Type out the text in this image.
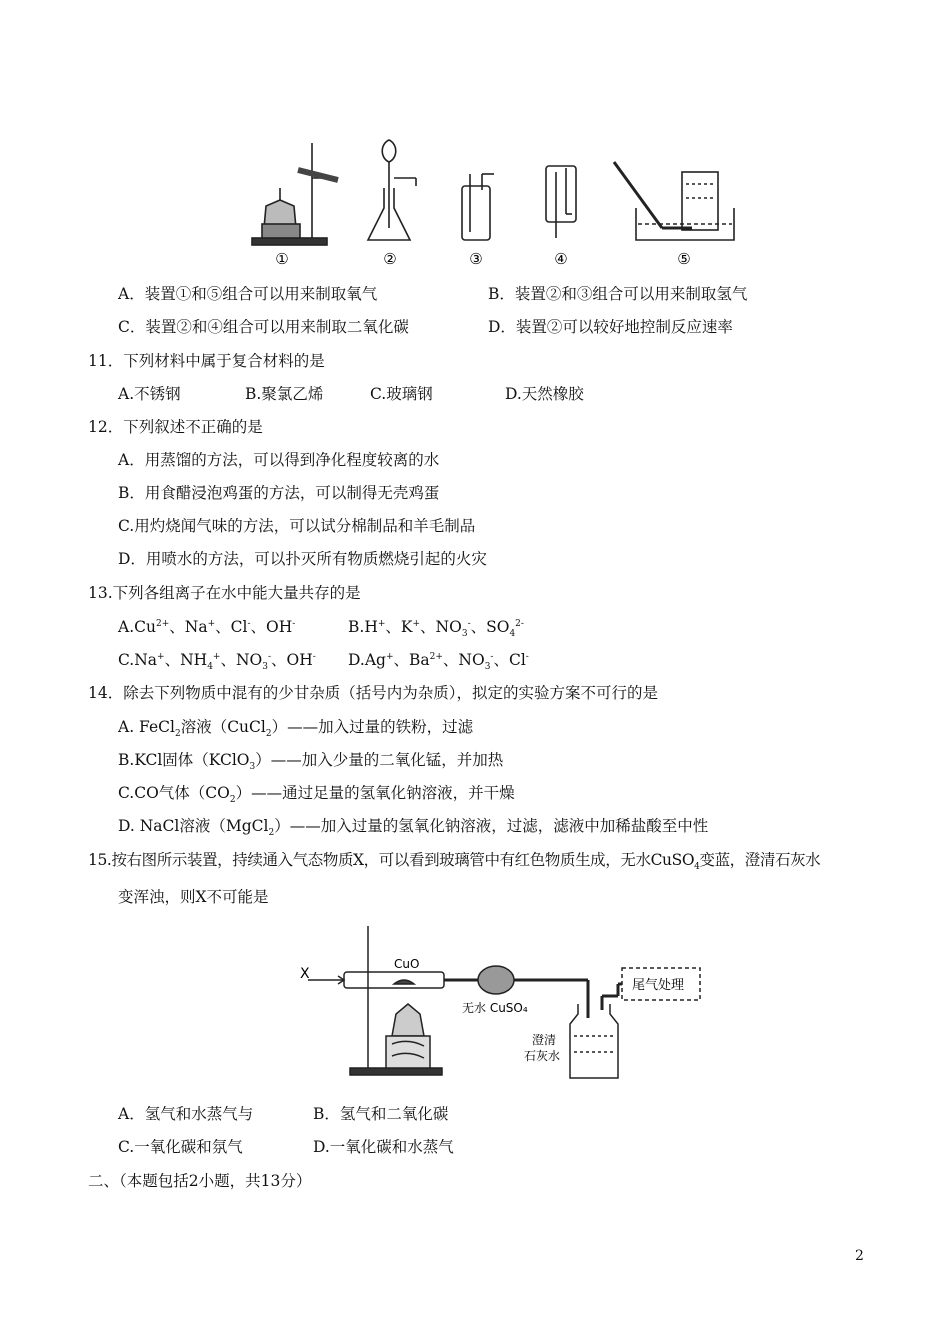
①	②	③	④	⑤
A．装置①和⑤组合可以用来制取氧气	B．装置②和③组合可以用来制取氢气
C．装置②和④组合可以用来制取二氧化碳	D．装置②可以较好地控制反应速率
11．下列材料中属于复合材料的是
A.不锈钢	B.聚氯乙烯	C.玻璃钢	D.天然橡胶
12．下列叙述不正确的是
A．用蒸馏的方法，可以得到净化程度较离的水
B．用食醋浸泡鸡蛋的方法，可以制得无壳鸡蛋
C.用灼烧闻气味的方法，可以试分棉制品和羊毛制品
D．用喷水的方法，可以扑灭所有物质燃烧引起的火灾
13.下列各组离子在水中能大量共存的是
$A.Cu^{2+}$、Na+、Cl-、OH-	B.H+、K+、$NO_3^-$、$SO_4^{2-}$
C.Na+、$NH_4^+$、$NO_3^-$、OH- D.Ag+、$Ba^{2+}$、$NO_3^-$、Cl-
14．除去下列物质中混有的少甘杂质（括号内为杂质），拟定的实验方案不可行的是
A. FeCl$_2$溶液（CuCl$_2$）——加入过量的铁粉，过滤
B.KCl固体（KClO$_3$）——加入少量的二氧化锰，并加热
C.CO气体$(CO_2)——$通过足量的氢氧化钠溶液，并干燥
D. NaCl溶液（MgCl$_2$）——加入过量的氢氧化钠溶液，过滤，滤液中加稀盐酸至中性
15.按右图所示装置，持续通入气态物质X，可以看到玻璃管中有红色物质生成，无水CuSO$_4$变蓝，澄清石灰水
变浑浊，则X不可能是
X
CuO
无水 CuSO₄
尾气处理
澄清
石灰水
A．氢气和水蒸气与	B．氢气和二氧化碳
C.一氧化碳和氛气	D.一氧化碳和水蒸气
二、（本题包括2小题，共13分）
2
